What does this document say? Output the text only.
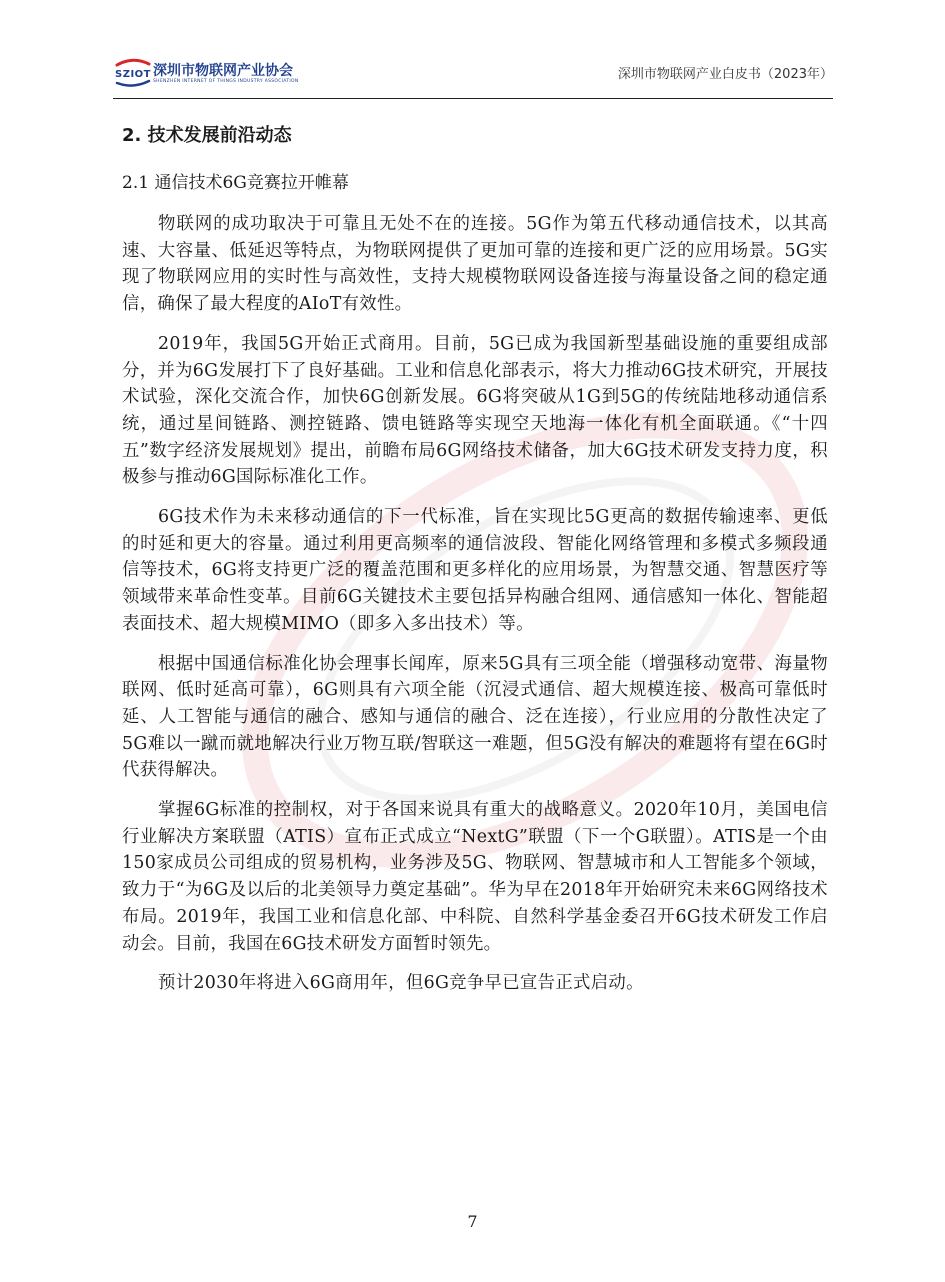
SZIOT 深圳市物联网产业协会
SHENZHEN INTERNET OF THINGS INDUSTRY ASSOCIATION	深圳市物联网产业白皮书（2023年）
2. 技术发展前沿动态
2.1 通信技术6G竞赛拉开帷幕

物联网的成功取决于可靠且无处不在的连接。5G作为第五代移动通信技术，以其高速、大容量、低延迟等特点，为物联网提供了更加可靠的连接和更广泛的应用场景。5G实现了物联网应用的实时性与高效性，支持大规模物联网设备连接与海量设备之间的稳定通信，确保了最大程度的AIoT有效性。

2019年，我国5G开始正式商用。目前，5G已成为我国新型基础设施的重要组成部分，并为6G发展打下了良好基础。工业和信息化部表示，将大力推动6G技术研究，开展技术试验，深化交流合作，加快6G创新发展。6G将突破从1G到5G的传统陆地移动通信系统，通过星间链路、测控链路、馈电链路等实现空天地海一体化有机全面联通。《“十四五”数字经济发展规划》提出，前瞻布局6G网络技术储备，加大6G技术研发支持力度，积极参与推动6G国际标准化工作。

6G技术作为未来移动通信的下一代标准，旨在实现比5G更高的数据传输速率、更低的时延和更大的容量。通过利用更高频率的通信波段、智能化网络管理和多模式多频段通信等技术，6G将支持更广泛的覆盖范围和更多样化的应用场景，为智慧交通、智慧医疗等领域带来革命性变革。目前6G关键技术主要包括异构融合组网、通信感知一体化、智能超表面技术、超大规模MIMO（即多入多出技术）等。

根据中国通信标准化协会理事长闻库，原来5G具有三项全能（增强移动宽带、海量物联网、低时延高可靠），6G则具有六项全能（沉浸式通信、超大规模连接、极高可靠低时延、人工智能与通信的融合、感知与通信的融合、泛在连接），行业应用的分散性决定了5G难以一蹴而就地解决行业万物互联/智联这一难题，但5G没有解决的难题将有望在6G时代获得解决。

掌握6G标准的控制权，对于各国来说具有重大的战略意义。2020年10月，美国电信行业解决方案联盟（ATIS）宣布正式成立“NextG”联盟（下一个G联盟）。ATIS是一个由150家成员公司组成的贸易机构，业务涉及5G、物联网、智慧城市和人工智能多个领域，致力于“为6G及以后的北美领导力奠定基础”。华为早在2018年开始研究未来6G网络技术布局。2019年，我国工业和信息化部、中科院、自然科学基金委召开6G技术研发工作启动会。目前，我国在6G技术研发方面暂时领先。

预计2030年将进入6G商用年，但6G竞争早已宣告正式启动。

7
